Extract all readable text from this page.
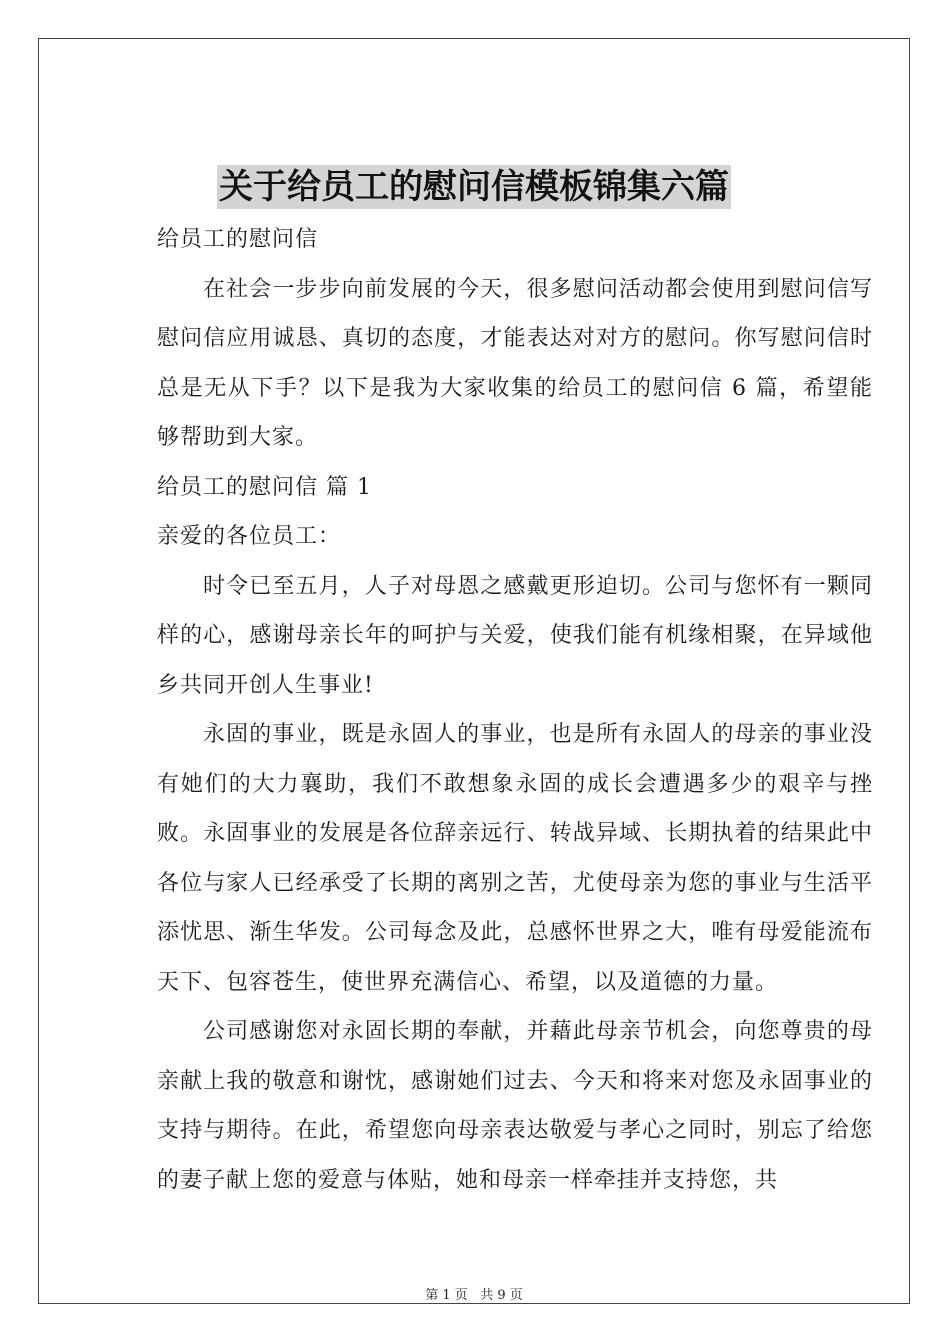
关于给员工的慰问信模板锦集六篇

给员工的慰问信

在社会一步步向前发展的今天，很多慰问活动都会使用到慰问信写慰问信应用诚恳、真切的态度，才能表达对对方的慰问。你写慰问信时总是无从下手？以下是我为大家收集的给员工的慰问信 6 篇，希望能够帮助到大家。

给员工的慰问信 篇 1

亲爱的各位员工：

时令已至五月，人子对母恩之感戴更形迫切。公司与您怀有一颗同样的心，感谢母亲长年的呵护与关爱，使我们能有机缘相聚，在异域他乡共同开创人生事业!

永固的事业，既是永固人的事业，也是所有永固人的母亲的事业没有她们的大力襄助，我们不敢想象永固的成长会遭遇多少的艰辛与挫败。永固事业的发展是各位辞亲远行、转战异域、长期执着的结果此中各位与家人已经承受了长期的离别之苦，尤使母亲为您的事业与生活平添忧思、渐生华发。公司每念及此，总感怀世界之大，唯有母爱能流布天下、包容苍生，使世界充满信心、希望，以及道德的力量。

公司感谢您对永固长期的奉献，并藉此母亲节机会，向您尊贵的母亲献上我的敬意和谢忱，感谢她们过去、今天和将来对您及永固事业的支持与期待。在此，希望您向母亲表达敬爱与孝心之同时，别忘了给您的妻子献上您的爱意与体贴，她和母亲一样牵挂并支持您，共

第 1 页   共 9 页
